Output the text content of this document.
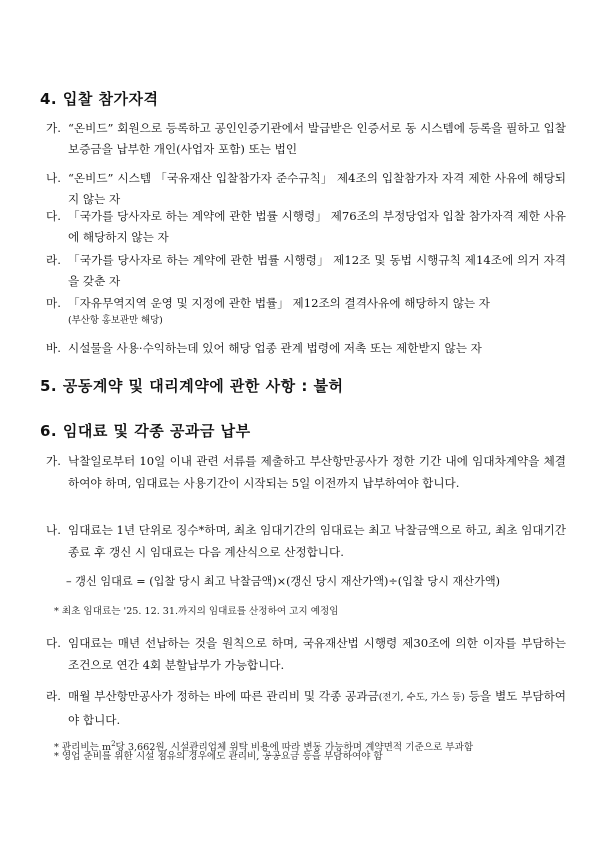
4. 입찰 참가자격
가. “온비드” 회원으로 등록하고 공인인증기관에서 발급받은 인증서로 동 시스템에 등록을 필하고 입찰보증금을 납부한 개인(사업자 포함) 또는 법인
나. “온비드” 시스템 「국유재산 입찰참가자 준수규칙」 제4조의 입찰참가자 자격 제한 사유에 해당되지 않는 자
다. 「국가를 당사자로 하는 계약에 관한 법률 시행령」 제76조의 부정당업자 입찰 참가자격 제한 사유에 해당하지 않는 자
라. 「국가를 당사자로 하는 계약에 관한 법률 시행령」 제12조 및 동법 시행규칙 제14조에 의거 자격을 갖춘 자
마. 「자유무역지역 운영 및 지정에 관한 법률」 제12조의 결격사유에 해당하지 않는 자
(부산항 홍보관만 해당)
바. 시설물을 사용·수익하는데 있어 해당 업종 관계 법령에 저촉 또는 제한받지 않는 자
5. 공동계약 및 대리계약에 관한 사항 : 불허
6. 임대료 및 각종 공과금 납부
가. 낙찰일로부터 10일 이내 관련 서류를 제출하고 부산항만공사가 정한 기간 내에 임대차계약을 체결하여야 하며, 임대료는 사용기간이 시작되는 5일 이전까지 납부하여야 합니다.
나. 임대료는 1년 단위로 징수*하며, 최초 임대기간의 임대료는 최고 낙찰금액으로 하고, 최초 임대기간 종료 후 갱신 시 임대료는 다음 계산식으로 산정합니다.
– 갱신 임대료 = (입찰 당시 최고 낙찰금액)×(갱신 당시 재산가액)÷(입찰 당시 재산가액)
* 최초 임대료는 '25. 12. 31.까지의 임대료를 산정하여 고지 예정임
다. 임대료는 매년 선납하는 것을 원칙으로 하며, 국유재산법 시행령 제30조에 의한 이자를 부담하는 조건으로 연간 4회 분할납부가 가능합니다.
라. 매월 부산항만공사가 정하는 바에 따른 관리비 및 각종 공과금(전기, 수도, 가스 등) 등을 별도 부담하여야 합니다.
* 관리비는 $m^2$당 3,662원, 시설관리업체 위탁 비용에 따라 변동 가능하며 계약면적 기준으로 부과함
* 영업 준비를 위한 시설 점유의 경우에도 관리비, 공공요금 등을 부담하여야 함
